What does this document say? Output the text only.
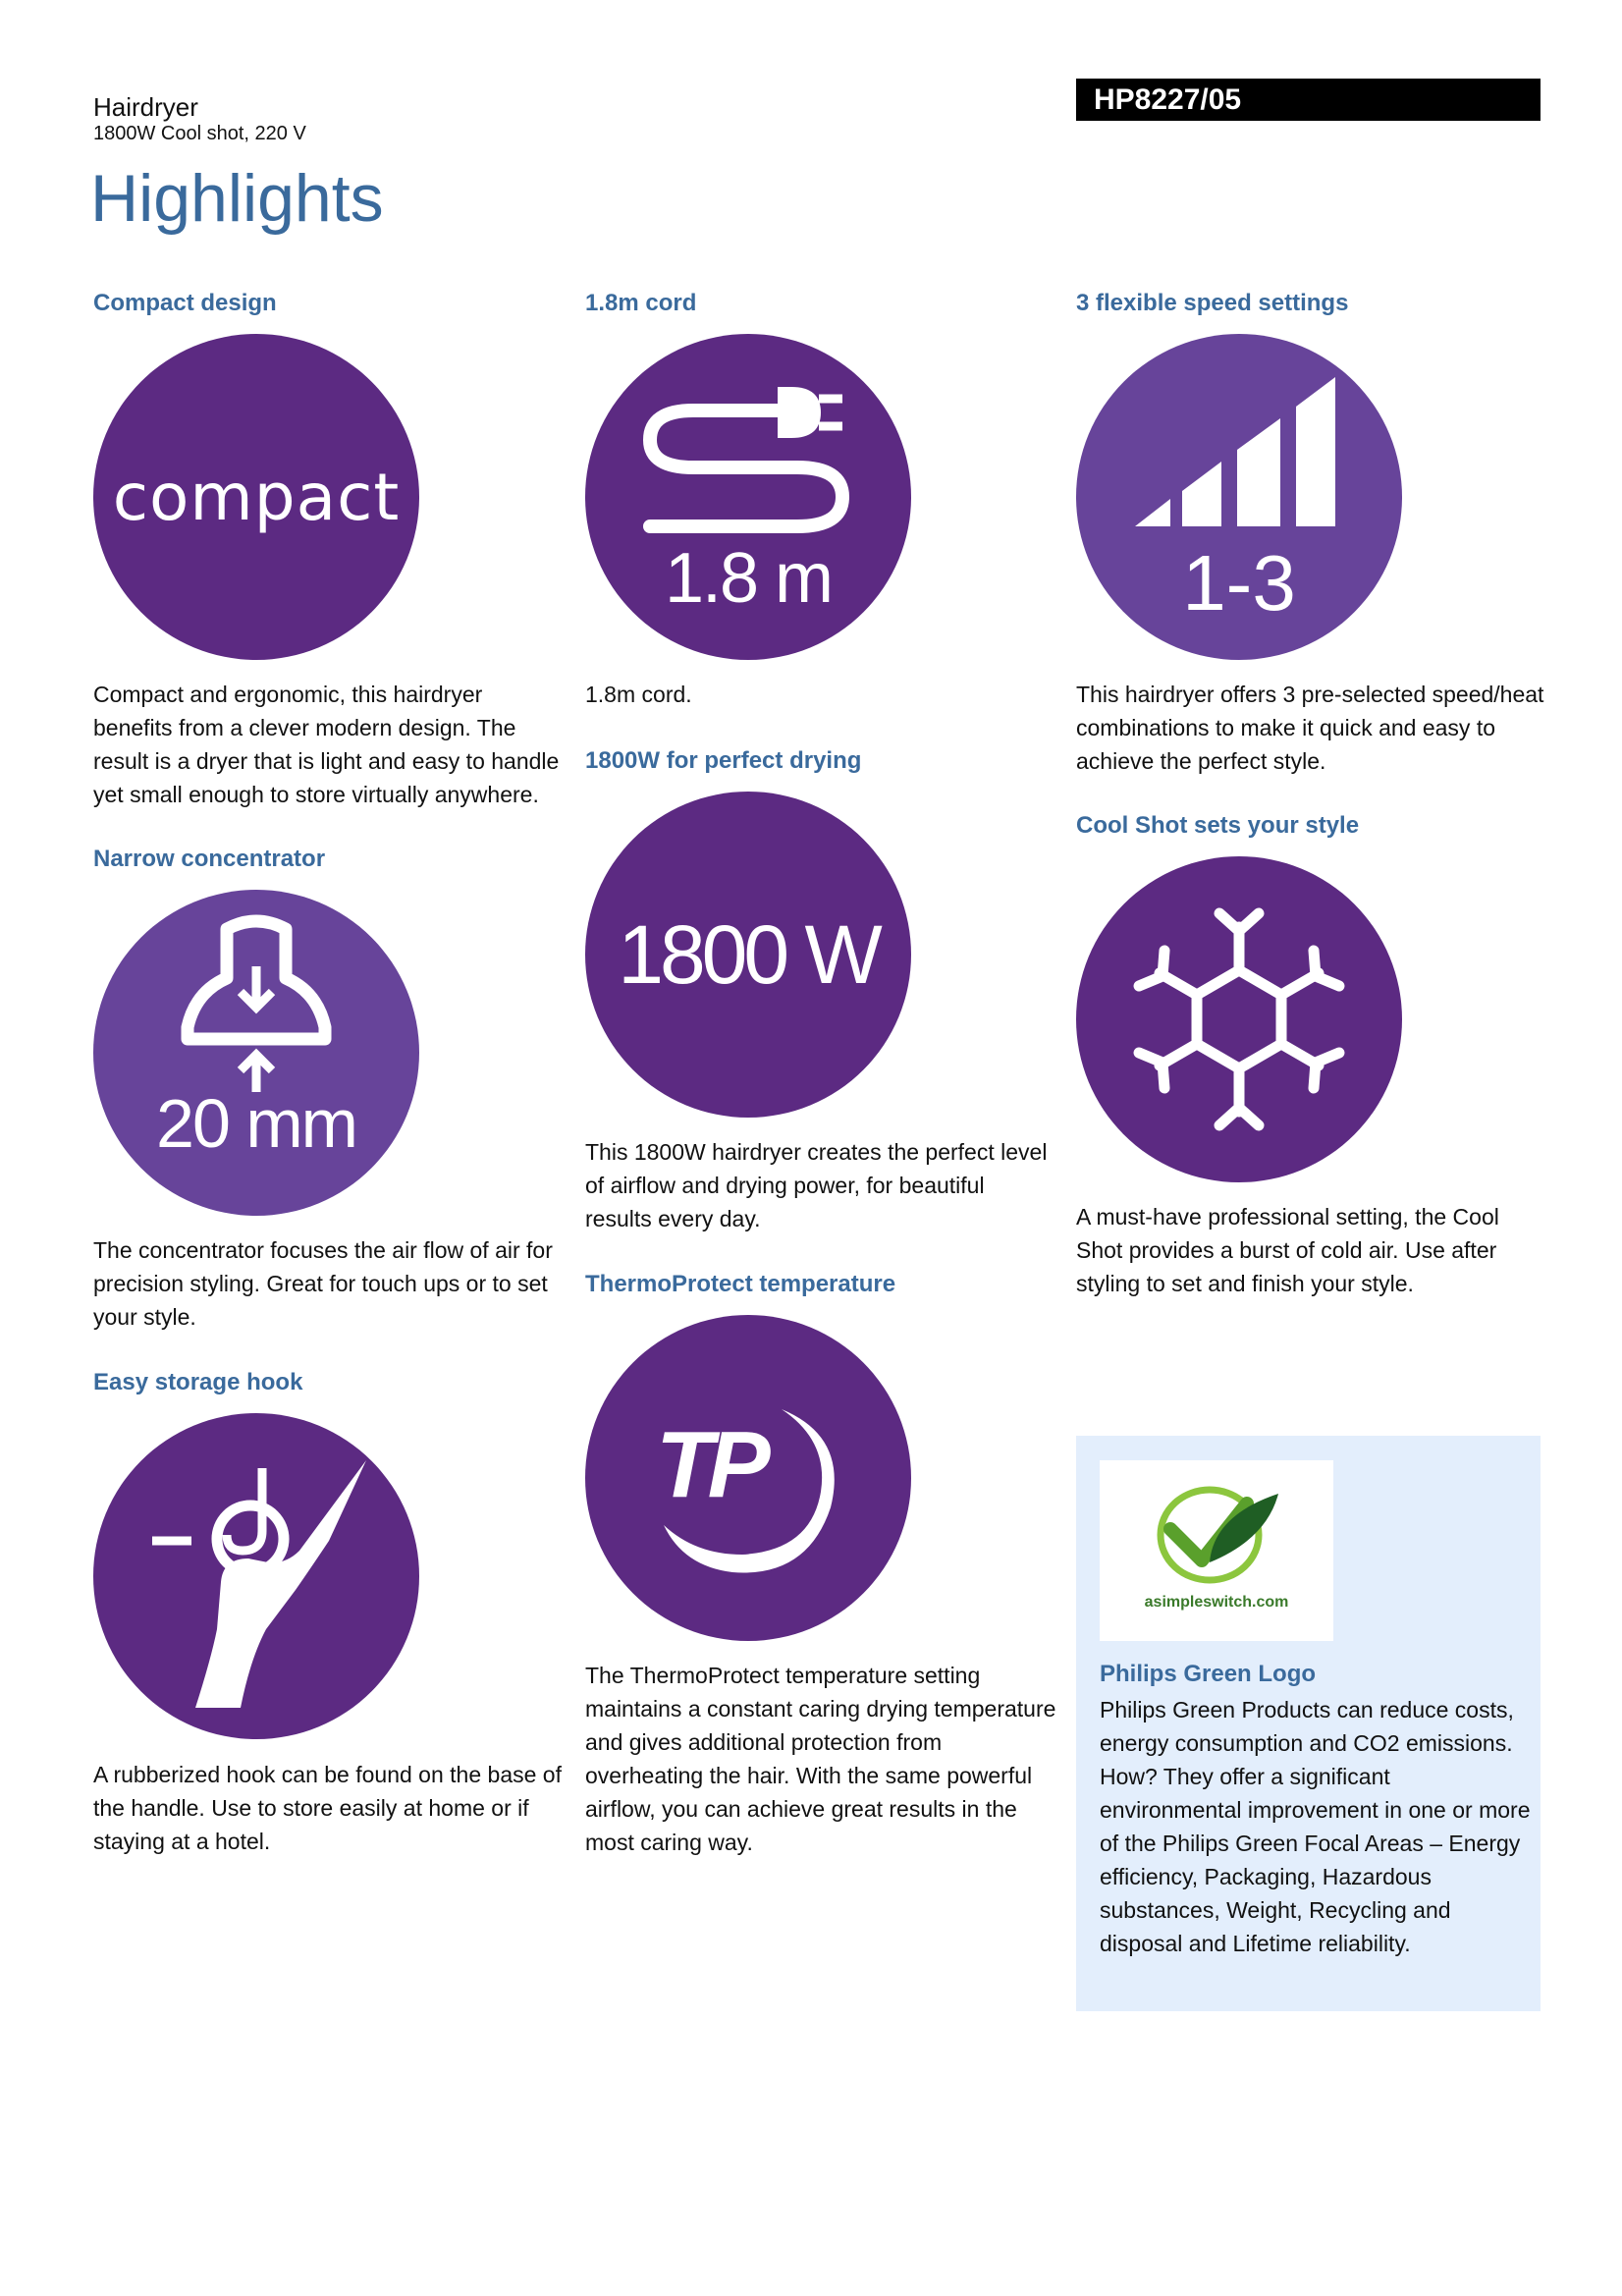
Hairdryer
1800W Cool shot, 220 V
HP8227/05
Highlights
Compact design
compact
Compact and ergonomic, this hairdryer benefits from a clever modern design. The result is a dryer that is light and easy to handle yet small enough to store virtually anywhere.
Narrow concentrator
20 mm
The concentrator focuses the air flow of air for precision styling. Great for touch ups or to set your style.
Easy storage hook
A rubberized hook can be found on the base of the handle. Use to store easily at home or if staying at a hotel.
1.8m cord
1.8 m
1.8m cord.
1800W for perfect drying
1800 W
This 1800W hairdryer creates the perfect level of airflow and drying power, for beautiful results every day.
ThermoProtect temperature
TP
The ThermoProtect temperature setting maintains a constant caring drying temperature and gives additional protection from overheating the hair. With the same powerful airflow, you can achieve great results in the most caring way.
3 flexible speed settings
1-3
This hairdryer offers 3 pre-selected speed/heat combinations to make it quick and easy to achieve the perfect style.
Cool Shot sets your style
A must-have professional setting, the Cool Shot provides a burst of cold air. Use after styling to set and finish your style.
asimpleswitch.com
Philips Green Logo
Philips Green Products can reduce costs, energy consumption and CO2 emissions. How? They offer a significant environmental improvement in one or more of the Philips Green Focal Areas – Energy efficiency, Packaging, Hazardous substances, Weight, Recycling and disposal and Lifetime reliability.
